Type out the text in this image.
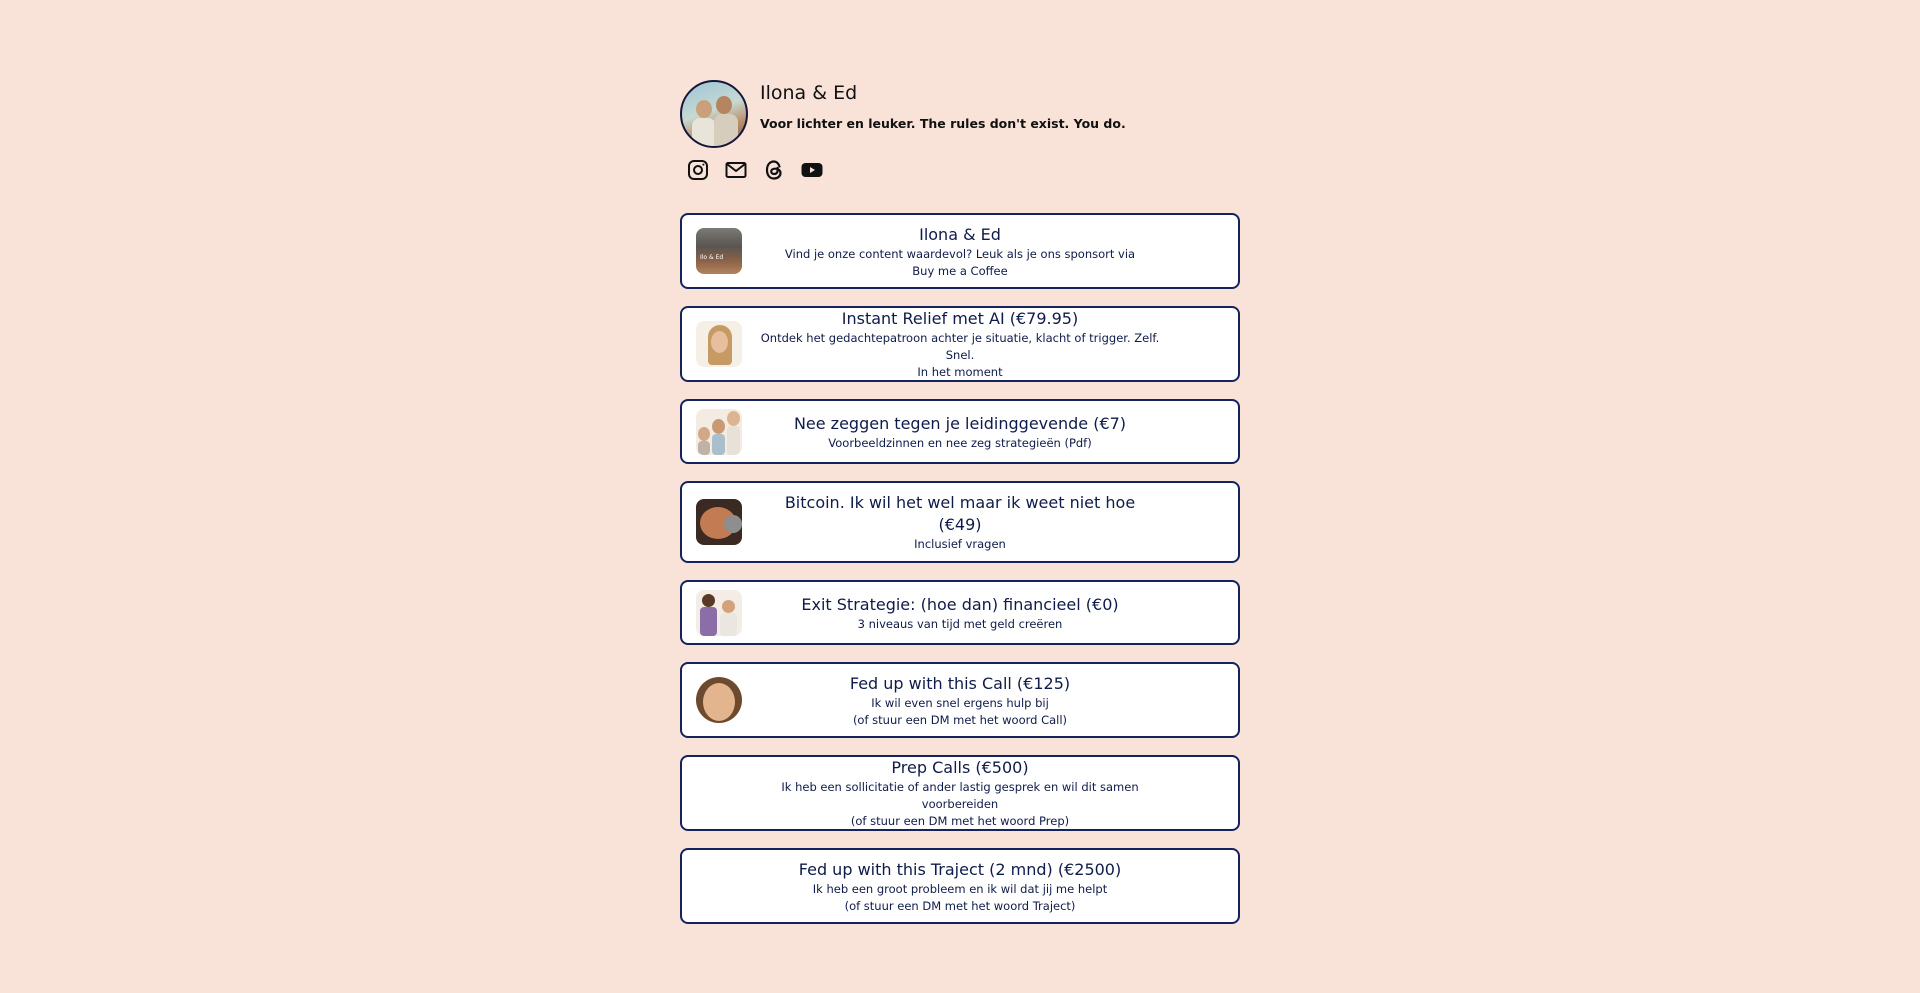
Ilona & Ed
Voor lichter en leuker. The rules don't exist. You do.
Ilo & Ed
Ilona & Ed
Vind je onze content waardevol? Leuk als je ons sponsort via
Buy me a Coffee
Instant Relief met AI (€79.95)
Ontdek het gedachtepatroon achter je situatie, klacht of trigger. Zelf. Snel.
In het moment
Nee zeggen tegen je leidinggevende (€7)
Voorbeeldzinnen en nee zeg strategieën (Pdf)
Bitcoin. Ik wil het wel maar ik weet niet hoe
(€49)
Inclusief vragen
Exit Strategie: (hoe dan) financieel (€0)
3 niveaus van tijd met geld creëren
Fed up with this Call (€125)
Ik wil even snel ergens hulp bij
(of stuur een DM met het woord Call)
Prep Calls (€500)
Ik heb een sollicitatie of ander lastig gesprek en wil dit samen voorbereiden
(of stuur een DM met het woord Prep)
Fed up with this Traject (2 mnd) (€2500)
Ik heb een groot probleem en ik wil dat jij me helpt
(of stuur een DM met het woord Traject)
